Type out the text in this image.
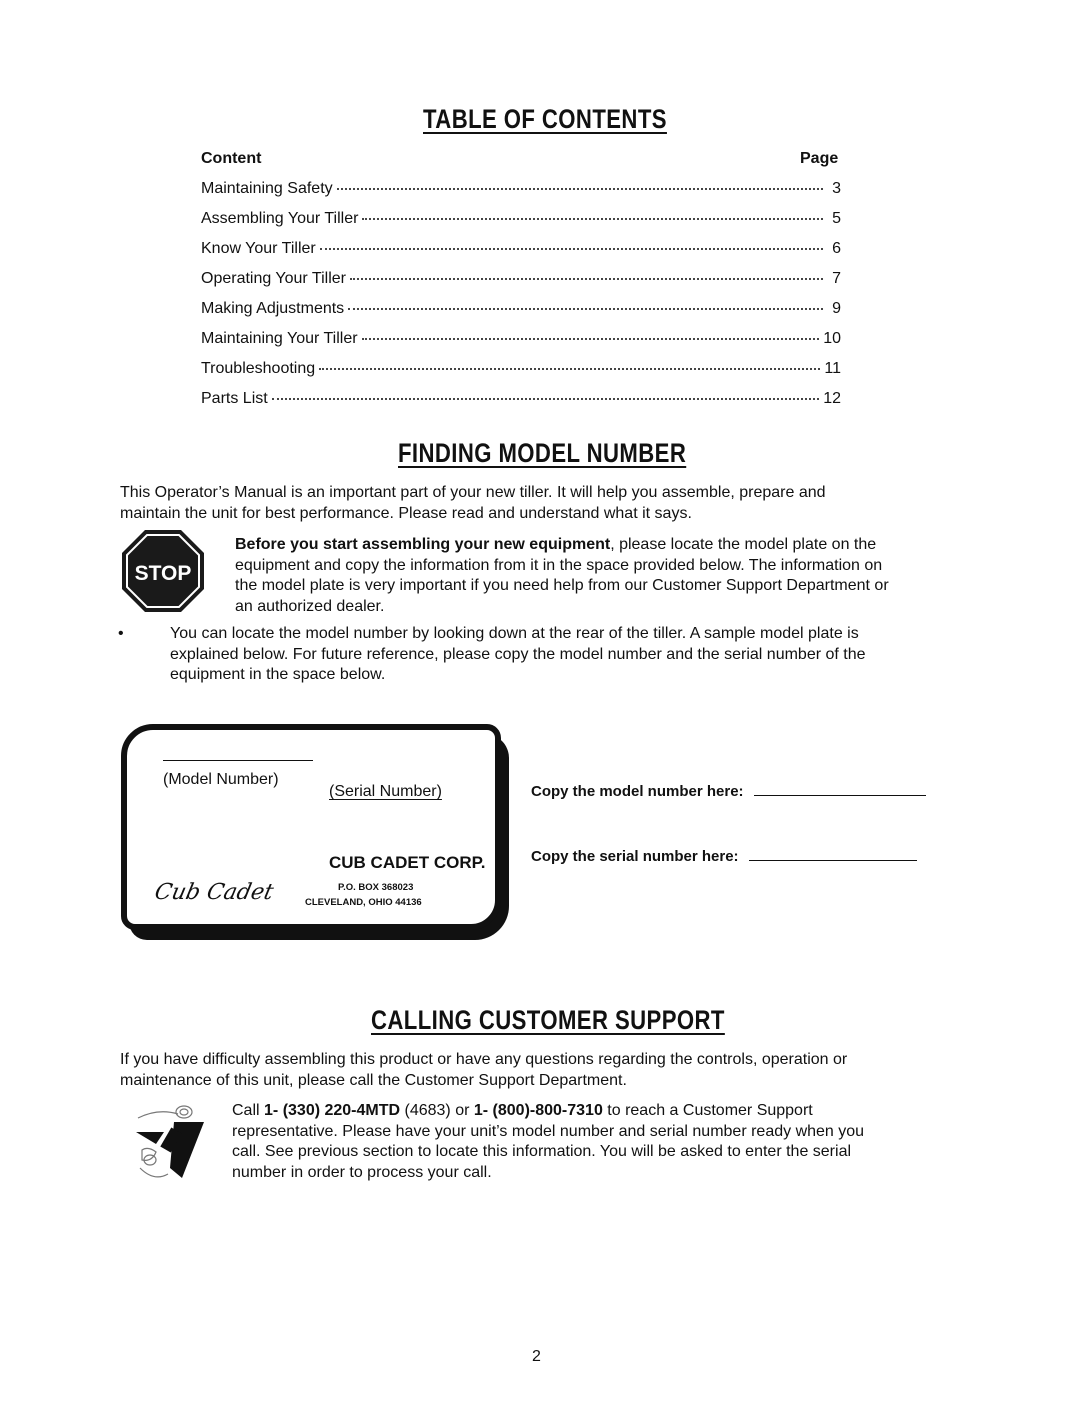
TABLE OF CONTENTS
Content	Page
Maintaining Safety	3
Assembling Your Tiller	5
Know Your Tiller	6
Operating Your Tiller	7
Making Adjustments	9
Maintaining Your Tiller	10
Troubleshooting	11
Parts List	12
FINDING MODEL NUMBER
This Operator’s Manual is an important part of your new tiller. It will help you assemble, prepare and
maintain the unit for best performance. Please read and understand what it says.
STOP
Before you start assembling your new equipment, please locate the model plate on the
equipment and copy the information from it in the space provided below. The information on
the model plate is very important if you need help from our Customer Support Department or
an authorized dealer.
•	You can locate the model number by looking down at the rear of the tiller. A sample model plate is
explained below. For future reference, please copy the model number and the serial number of the
equipment in the space below.
(Model Number)
(Serial Number)
CUB CADET CORP.
Cub Cadet	P.O. BOX 368023
CLEVELAND, OHIO 44136
Copy the model number here:
Copy the serial number here:
CALLING CUSTOMER SUPPORT
If you have difficulty assembling this product or have any questions regarding the controls, operation or
maintenance of this unit, please call the Customer Support Department.
Call 1- (330) 220-4MTD (4683) or 1- (800)-800-7310 to reach a Customer Support
representative. Please have your unit’s model number and serial number ready when you
call. See previous section to locate this information. You will be asked to enter the serial
number in order to process your call.
2
